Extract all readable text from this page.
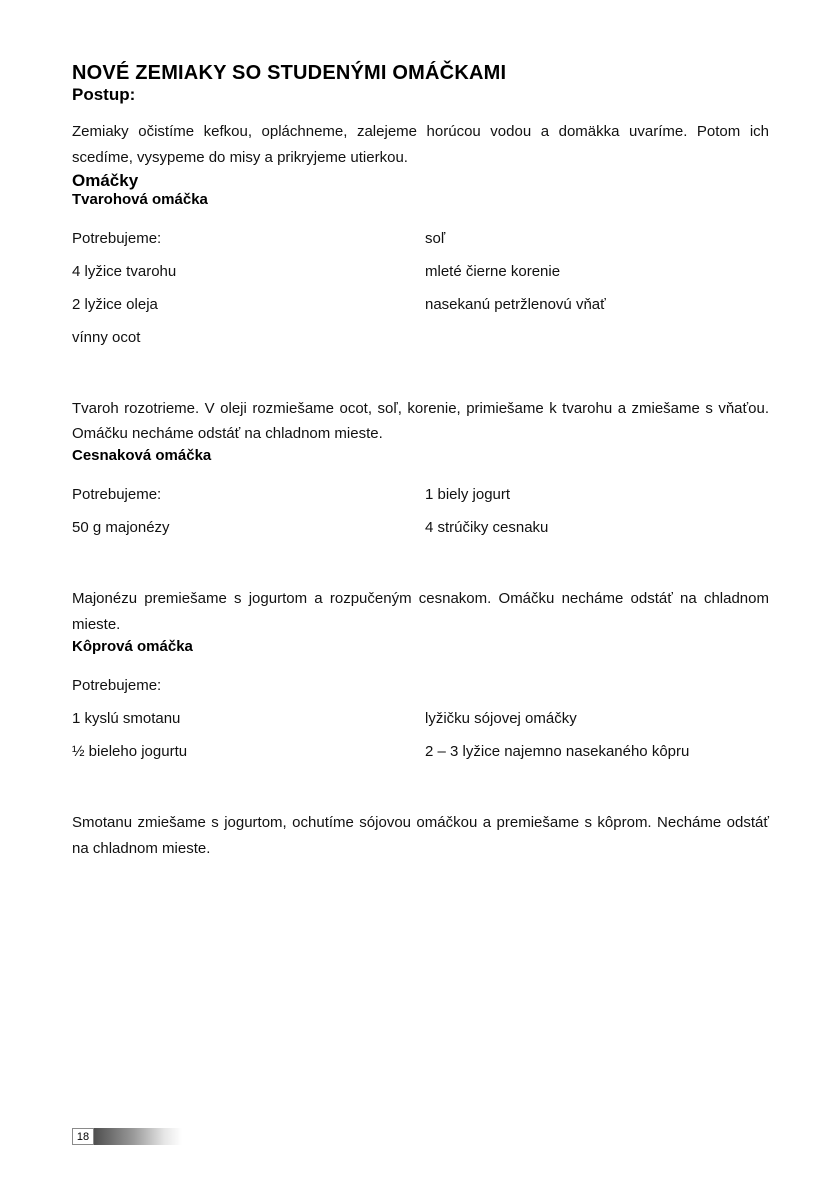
NOVÉ ZEMIAKY SO STUDENÝMI OMÁČKAMI
Postup:

Zemiaky očistíme kefkou, opláchneme, zalejeme horúcou vodou a domäkka uvaríme. Potom ich scedíme, vysypeme do misy a prikryjeme utierkou.

Omáčky
Tvarohová omáčka
Potrebujeme:	soľ
4 lyžice tvarohu	mleté čierne korenie
2 lyžice oleja	nasekanú petržlenovú vňať
vínny ocot

Tvaroh rozotrieme. V oleji rozmiešame ocot, soľ, korenie, primiešame k tvarohu a zmiešame s vňaťou. Omáčku necháme odstáť na chladnom mieste.

Cesnaková omáčka
Potrebujeme:	1 biely jogurt
50 g majonézy	4 strúčiky cesnaku

Majonézu premiešame s jogurtom a rozpučeným cesnakom. Omáčku necháme odstáť na chladnom mieste.

Kôprová omáčka
Potrebujeme:
1 kyslú smotanu	lyžičku sójovej omáčky
½ bieleho jogurtu	2 – 3 lyžice najemno nasekaného kôpru

Smotanu zmiešame s jogurtom, ochutíme sójovou omáčkou a premiešame s kôprom. Necháme odstáť na chladnom mieste.

18
